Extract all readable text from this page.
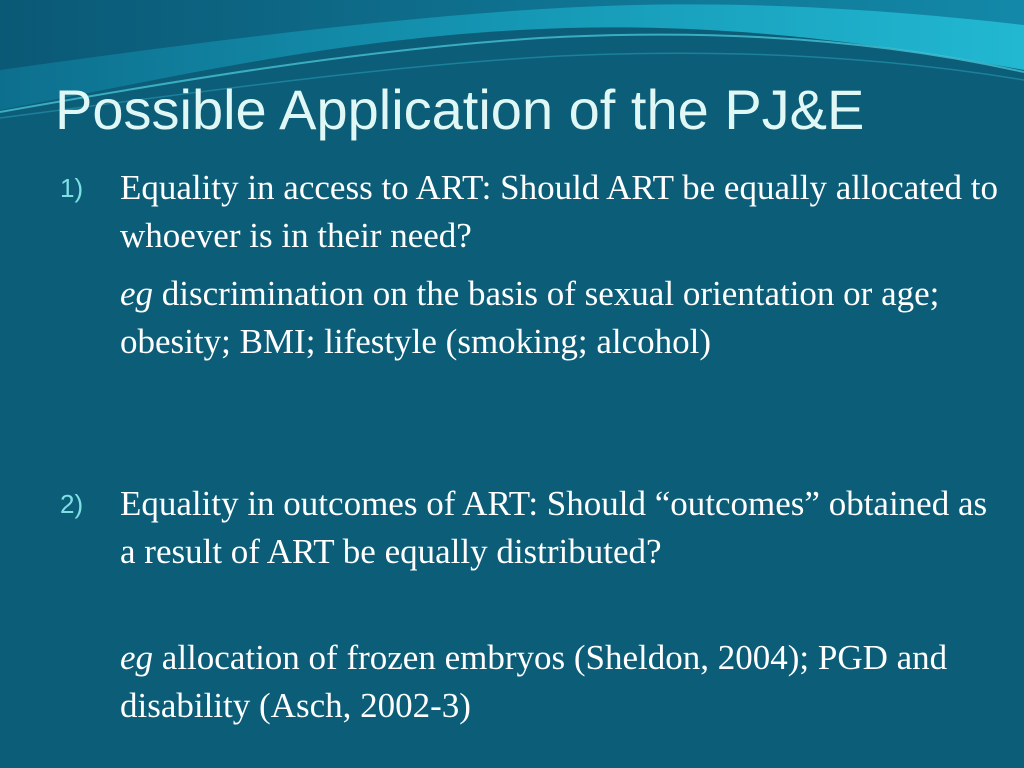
Possible Application of the PJ&E
1) Equality in access to ART: Should ART be equally allocated to whoever is in their need?

eg discrimination on the basis of sexual orientation or age; obesity; BMI; lifestyle (smoking; alcohol)

2) Equality in outcomes of ART: Should “outcomes” obtained as a result of ART be equally distributed?

eg allocation of frozen embryos (Sheldon, 2004); PGD and disability (Asch, 2002-3)
